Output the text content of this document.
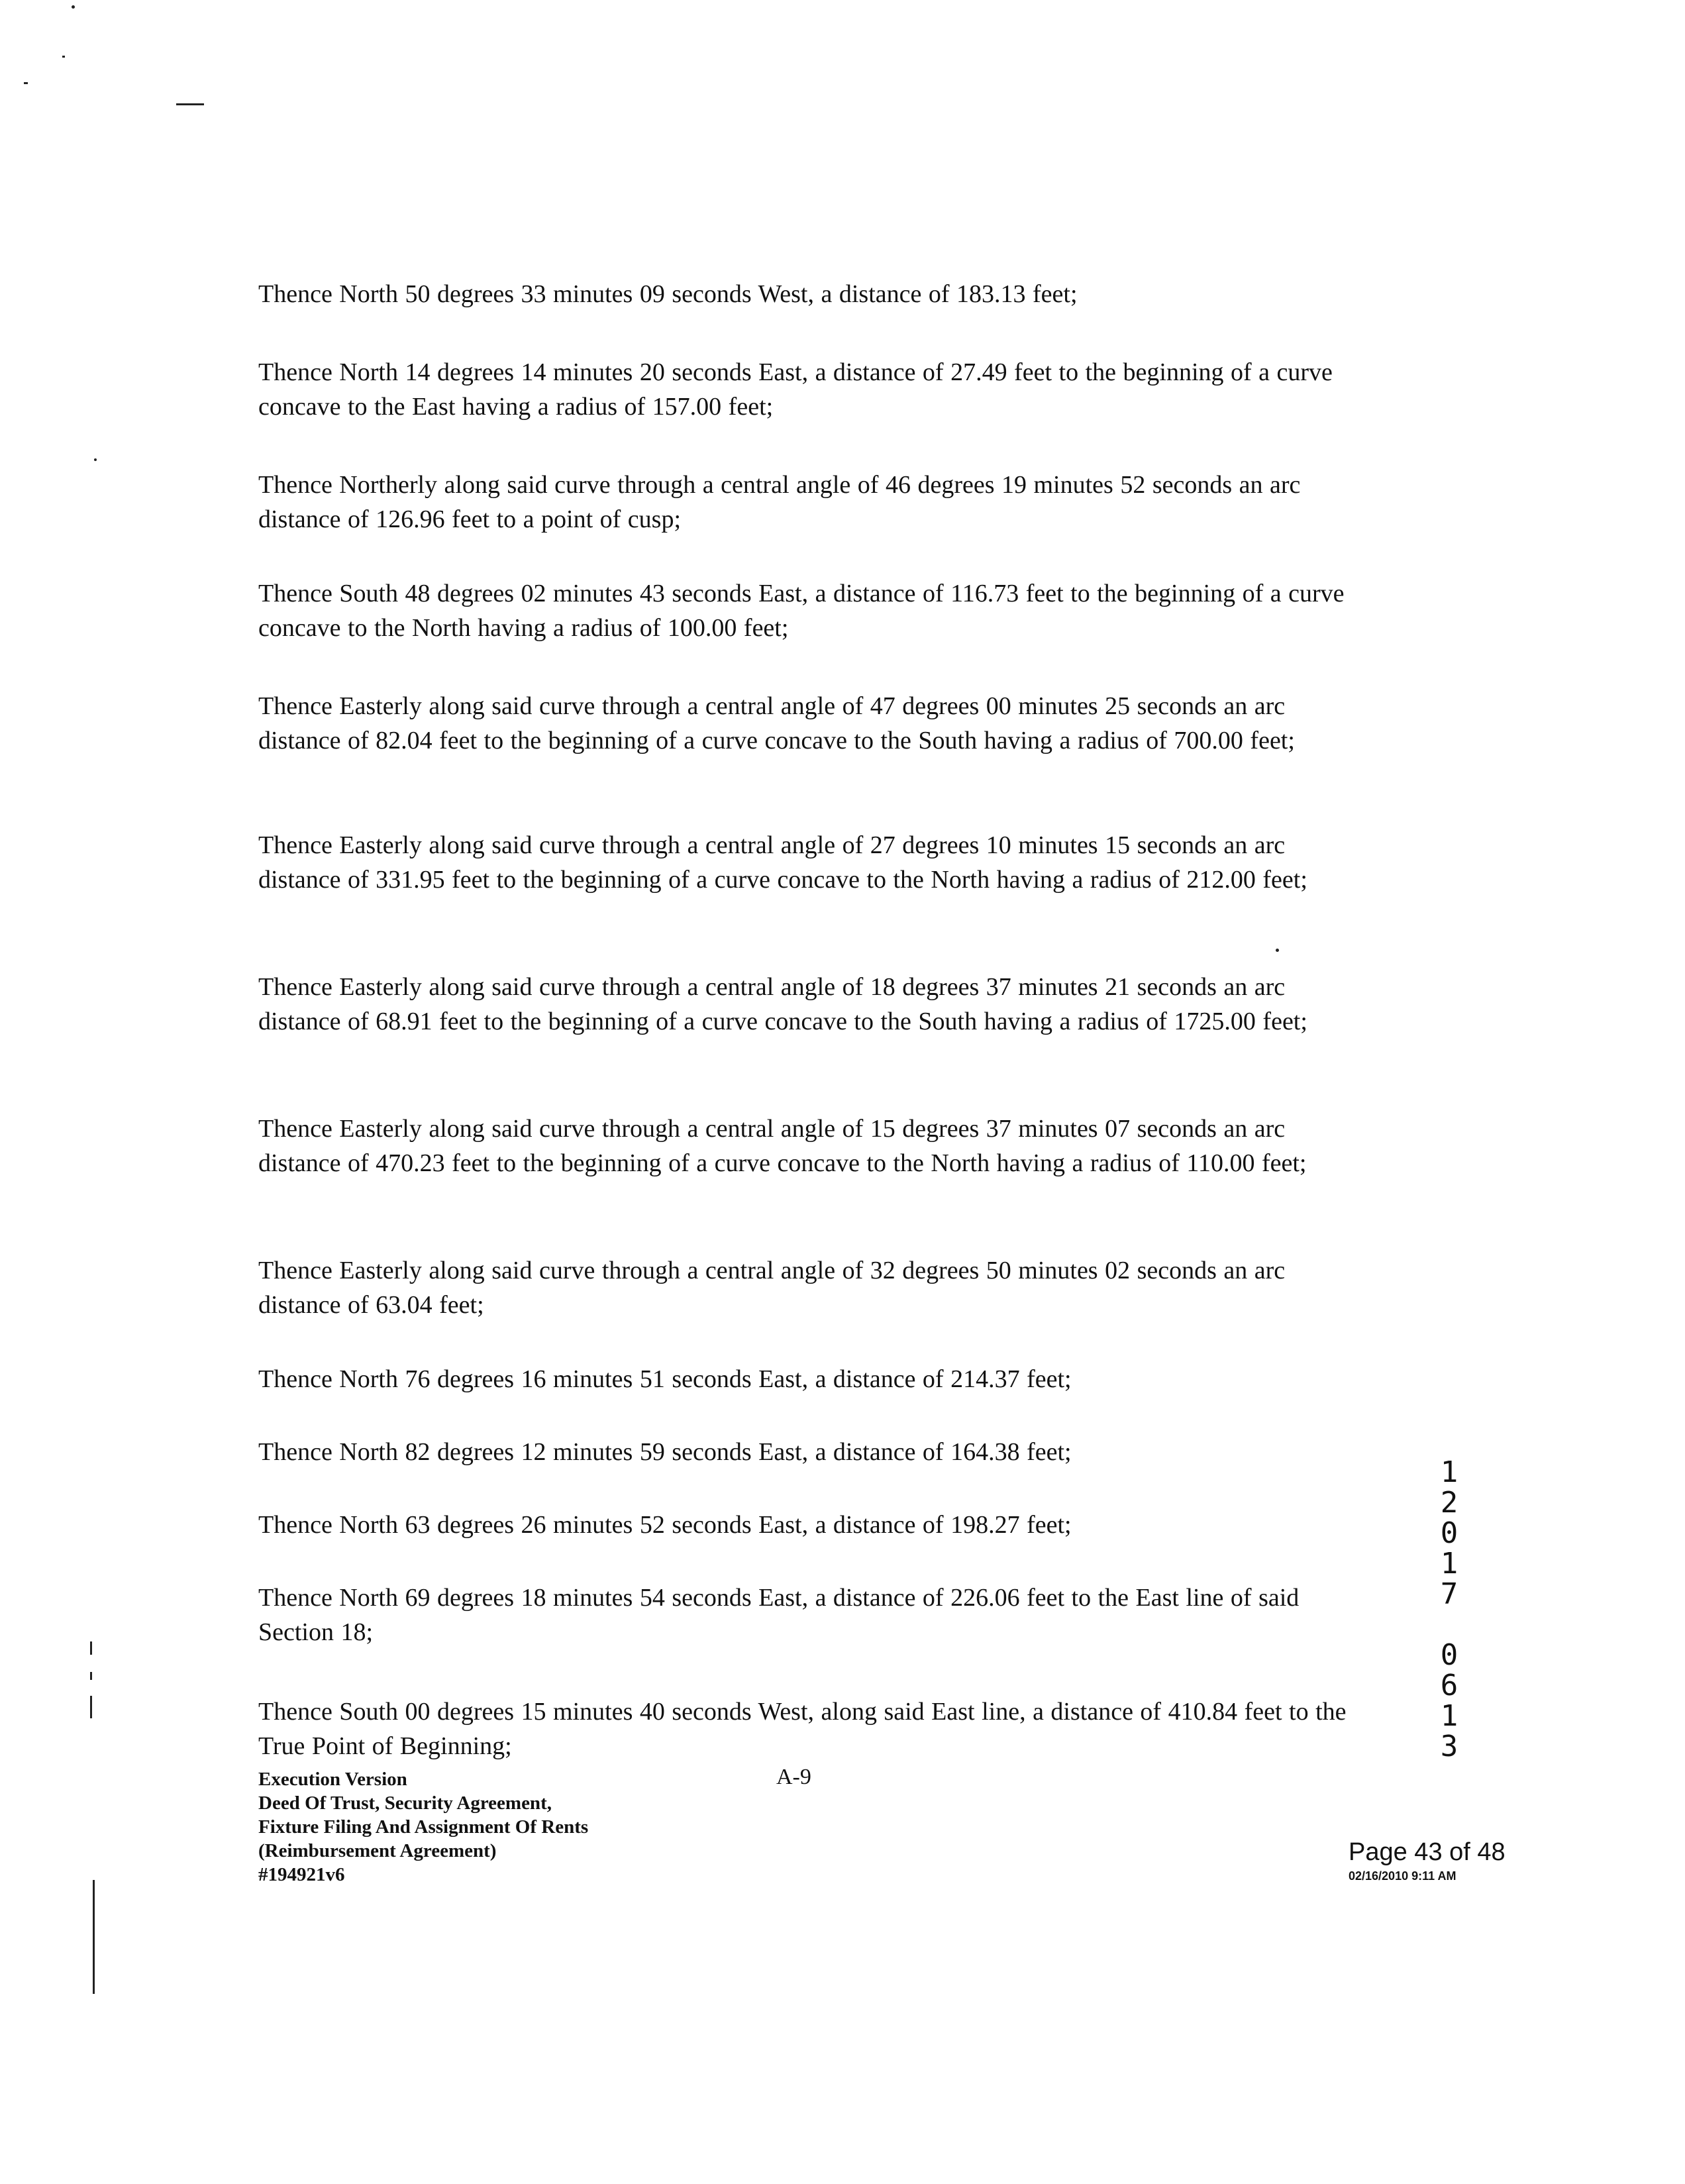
Thence North 50 degrees 33 minutes 09 seconds West, a distance of 183.13 feet;

Thence North 14 degrees 14 minutes 20 seconds East, a distance of 27.49 feet to the beginning of a curve concave to the East having a radius of 157.00 feet;

Thence Northerly along said curve through a central angle of 46 degrees 19 minutes 52 seconds an arc distance of 126.96 feet to a point of cusp;

Thence South 48 degrees 02 minutes 43 seconds East, a distance of 116.73 feet to the beginning of a curve concave to the North having a radius of 100.00 feet;

Thence Easterly along said curve through a central angle of 47 degrees 00 minutes 25 seconds an arc distance of 82.04 feet to the beginning of a curve concave to the South having a radius of 700.00 feet;

Thence Easterly along said curve through a central angle of 27 degrees 10 minutes 15 seconds an arc distance of 331.95 feet to the beginning of a curve concave to the North having a radius of 212.00 feet;

Thence Easterly along said curve through a central angle of 18 degrees 37 minutes 21 seconds an arc distance of 68.91 feet to the beginning of a curve concave to the South having a radius of 1725.00 feet;

Thence Easterly along said curve through a central angle of 15 degrees 37 minutes 07 seconds an arc distance of 470.23 feet to the beginning of a curve concave to the North having a radius of 110.00 feet;

Thence Easterly along said curve through a central angle of 32 degrees 50 minutes 02 seconds an arc distance of 63.04 feet;

Thence North 76 degrees 16 minutes 51 seconds East, a distance of 214.37 feet;

Thence North 82 degrees 12 minutes 59 seconds East, a distance of 164.38 feet;

Thence North 63 degrees 26 minutes 52 seconds East, a distance of 198.27 feet;

Thence North 69 degrees 18 minutes 54 seconds East, a distance of 226.06 feet to the East line of said Section 18;

Thence South 00 degrees 15 minutes 40 seconds West, along said East line, a distance of 410.84 feet to the True Point of Beginning;

Execution Version
Deed Of Trust, Security Agreement,
Fixture Filing And Assignment Of Rents
(Reimbursement Agreement)
#194921v6
A-9
Page 43 of 48
02/16/2010 9:11 AM
1
2
0
1
7
0
6
1
3
